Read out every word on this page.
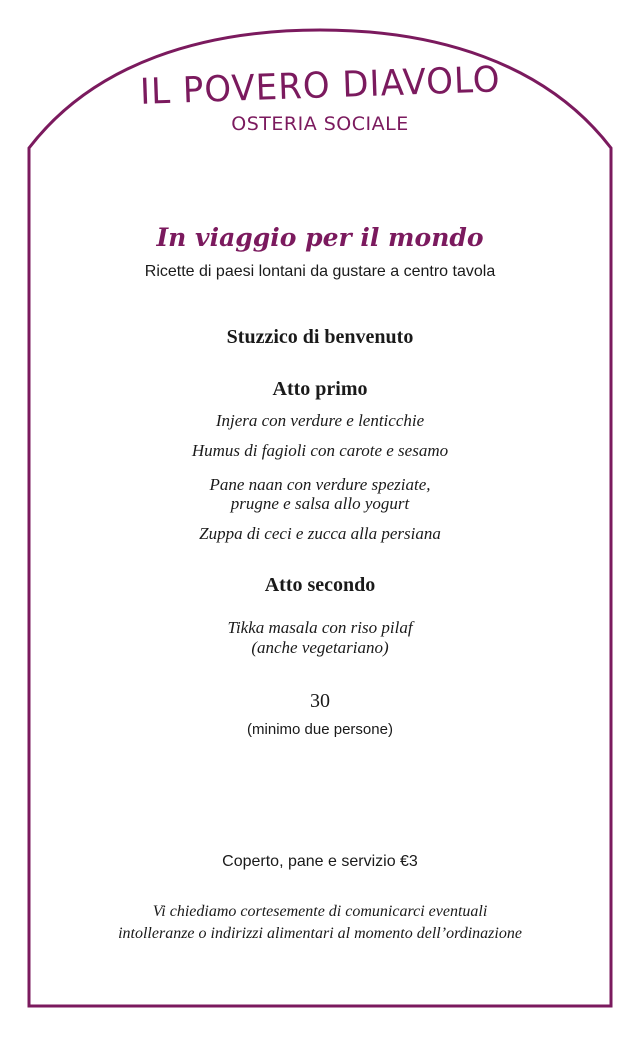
IL POVERO DIAVOLO
OSTERIA SOCIALE
In viaggio per il mondo
Ricette di paesi lontani da gustare a centro tavola
Stuzzico di benvenuto
Atto primo
Injera con verdure e lenticchie
Humus di fagioli con carote e sesamo
Pane naan con verdure speziate,
prugne e salsa allo yogurt
Zuppa di ceci e zucca alla persiana
Atto secondo
Tikka masala con riso pilaf
(anche vegetariano)
30
(minimo due persone)
Coperto, pane e servizio €3
Vi chiediamo cortesemente di comunicarci eventuali
intolleranze o indirizzi alimentari al momento dell’ordinazione
